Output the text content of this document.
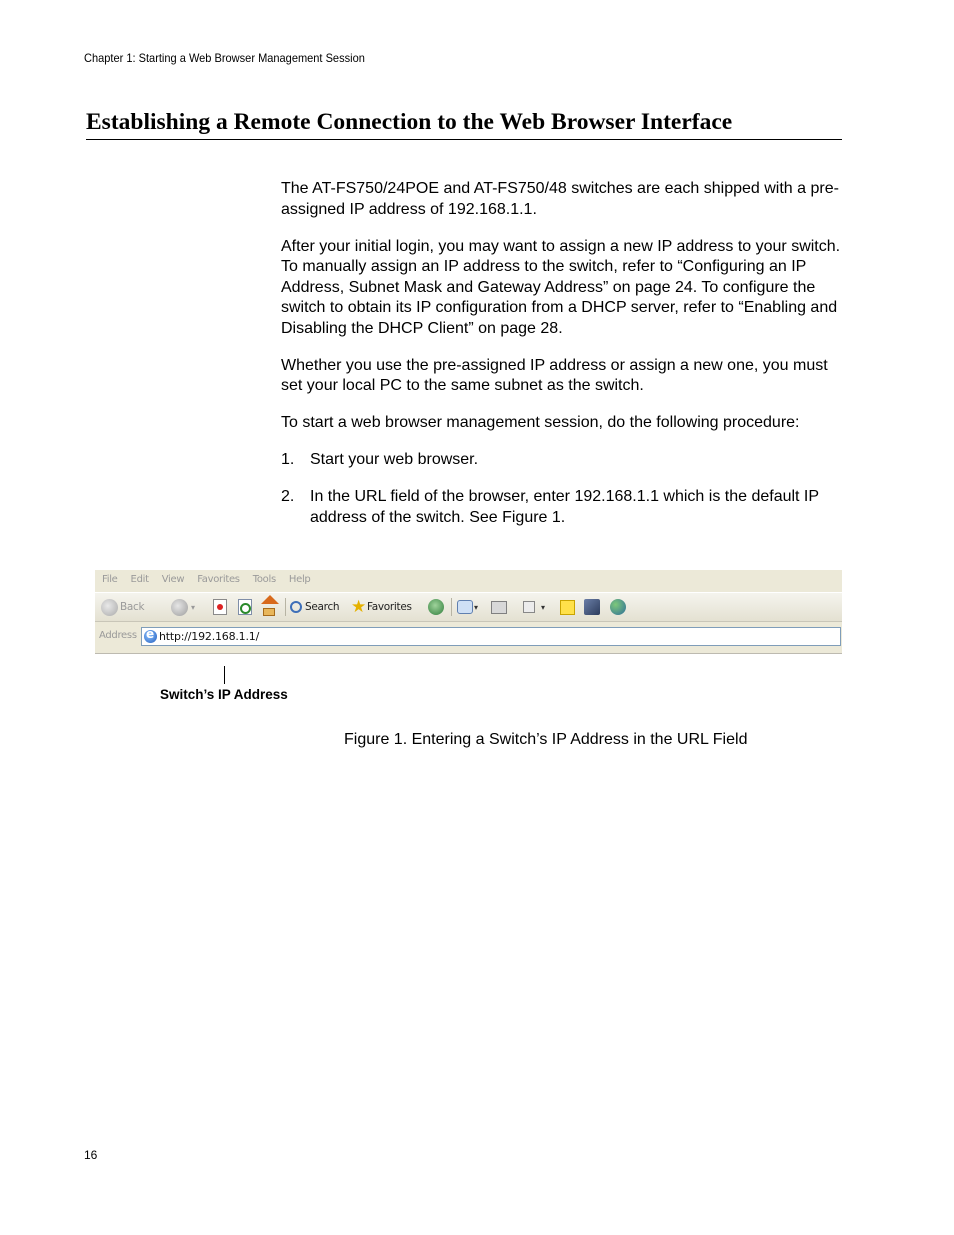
Chapter 1: Starting a Web Browser Management Session
Establishing a Remote Connection to the Web Browser Interface

The AT-FS750/24POE and AT-FS750/48 switches are each shipped with a pre-assigned IP address of 192.168.1.1.

After your initial login, you may want to assign a new IP address to your switch. To manually assign an IP address to the switch, refer to “Configuring an IP Address, Subnet Mask and Gateway Address” on page 24. To configure the switch to obtain its IP configuration from a DHCP server, refer to “Enabling and Disabling the DHCP Client” on page 28.

Whether you use the pre-assigned IP address or assign a new one, you must set your local PC to the same subnet as the switch.

To start a web browser management session, do the following procedure:

1. Start your web browser.
2. In the URL field of the browser, enter 192.168.1.1 which is the default IP address of the switch. See Figure 1.
File Edit View Favorites Tools Help
Back	▾	Search ★ Favorites	▾	▾
Address
e http://192.168.1.1/
Switch’s IP Address
Figure 1. Entering a Switch’s IP Address in the URL Field
16
